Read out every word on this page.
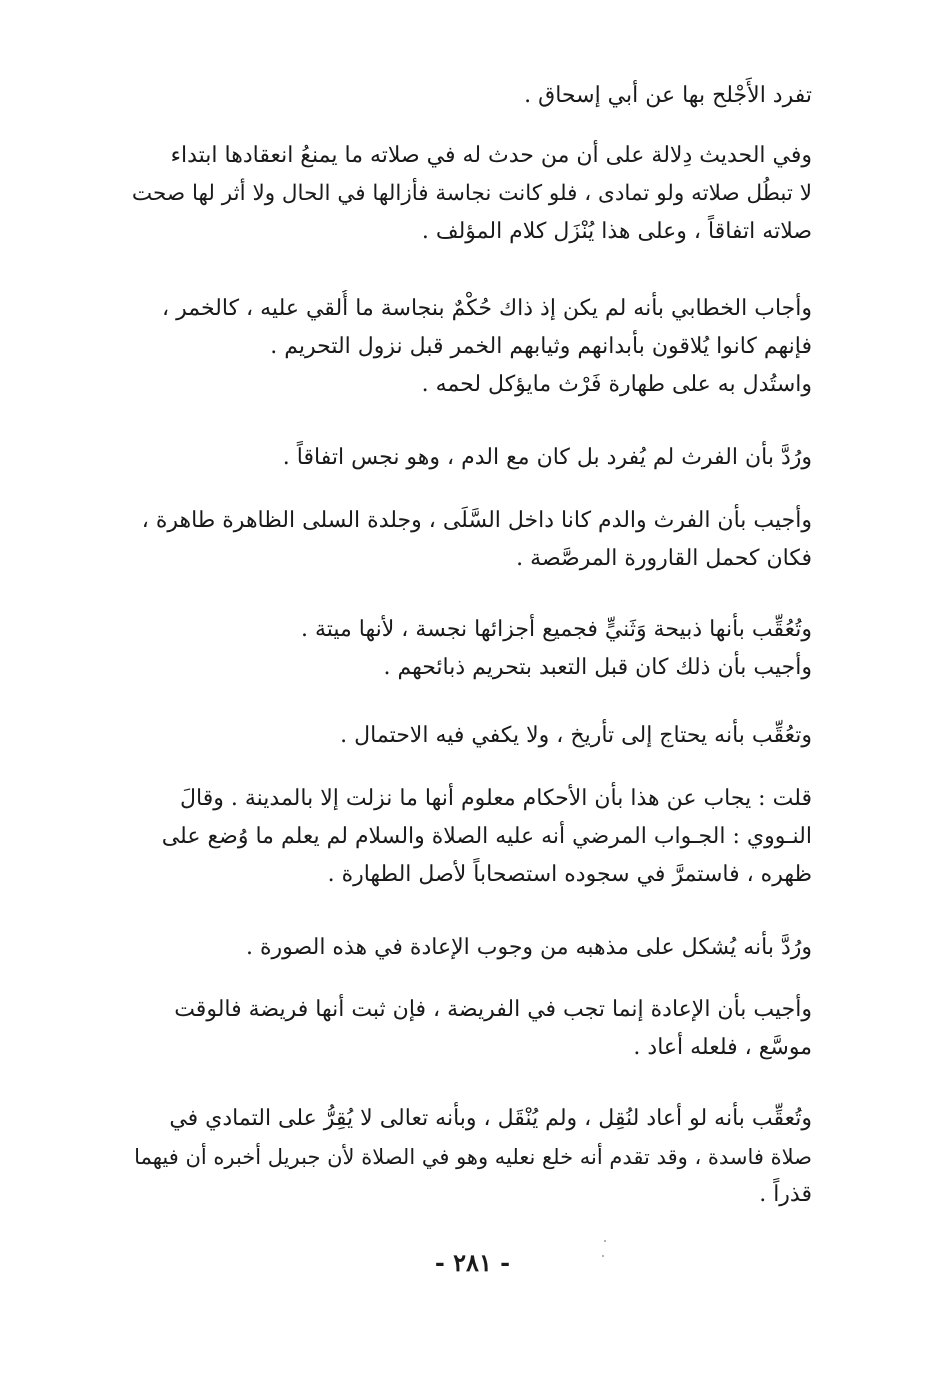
تفرد الأَجْلح بها عن أبي إسحاق .
وفي الحديث دِلالة على أن من حدث له في صلاته ما يمنعُ انعقادها ابتداء
لا تبطُل صلاته ولو تمادى ، فلو كانت نجاسة فأزالها في الحال ولا أثر لها صحت
صلاته اتفاقاً ، وعلى هذا يُنْزَل كلام المؤلف .
وأجاب الخطابي بأنه لم يكن إذ ذاك حُكْمٌ بنجاسة ما أُلقي عليه ، كالخمر ،
فإنهم كانوا يُلاقون بأبدانهم وثيابهم الخمر قبل نزول التحريم .
واستُدل به على طهارة فَرْث مايؤكل لحمه .
ورُدَّ بأن الفرث لم يُفرد بل كان مع الدم ، وهو نجس اتفاقاً .
وأجيب بأن الفرث والدم كانا داخل السَّلَى ، وجلدة السلى الظاهرة طاهرة ،
فكان كحمل القارورة المرصَّصة .
وتُعُقِّب بأنها ذبيحة وَثَنيٍّ فجميع أجزائها نجسة ، لأنها ميتة .
وأجيب بأن ذلك كان قبل التعبد بتحريم ذبائحهم .
وتعُقِّب بأنه يحتاج إلى تأريخ ، ولا يكفي فيه الاحتمال .
قلت : يجاب عن هذا بأن الأحكام معلوم أنها ما نزلت إلا بالمدينة . وقالَ
النـووي : الجـواب المرضي أنه عليه الصلاة والسلام لم يعلم ما وُضع على
ظهره ، فاستمرَّ في سجوده استصحاباً لأصل الطهارة .
ورُدَّ بأنه يُشكل على مذهبه من وجوب الإعادة في هذه الصورة .
وأجيب بأن الإعادة إنما تجب في الفريضة ، فإن ثبت أنها فريضة فالوقت
موسَّع ، فلعله أعاد .
وتُعقِّب بأنه لو أعاد لنُقِل ، ولم يُنْقَل ، وبأنه تعالى لا يُقِرُّ على التمادي في
صلاة فاسدة ، وقد تقدم أنه خلع نعليه وهو في الصلاة لأن جبريل أخبره أن فيهما
قذراً .
- ٢٨١ -
